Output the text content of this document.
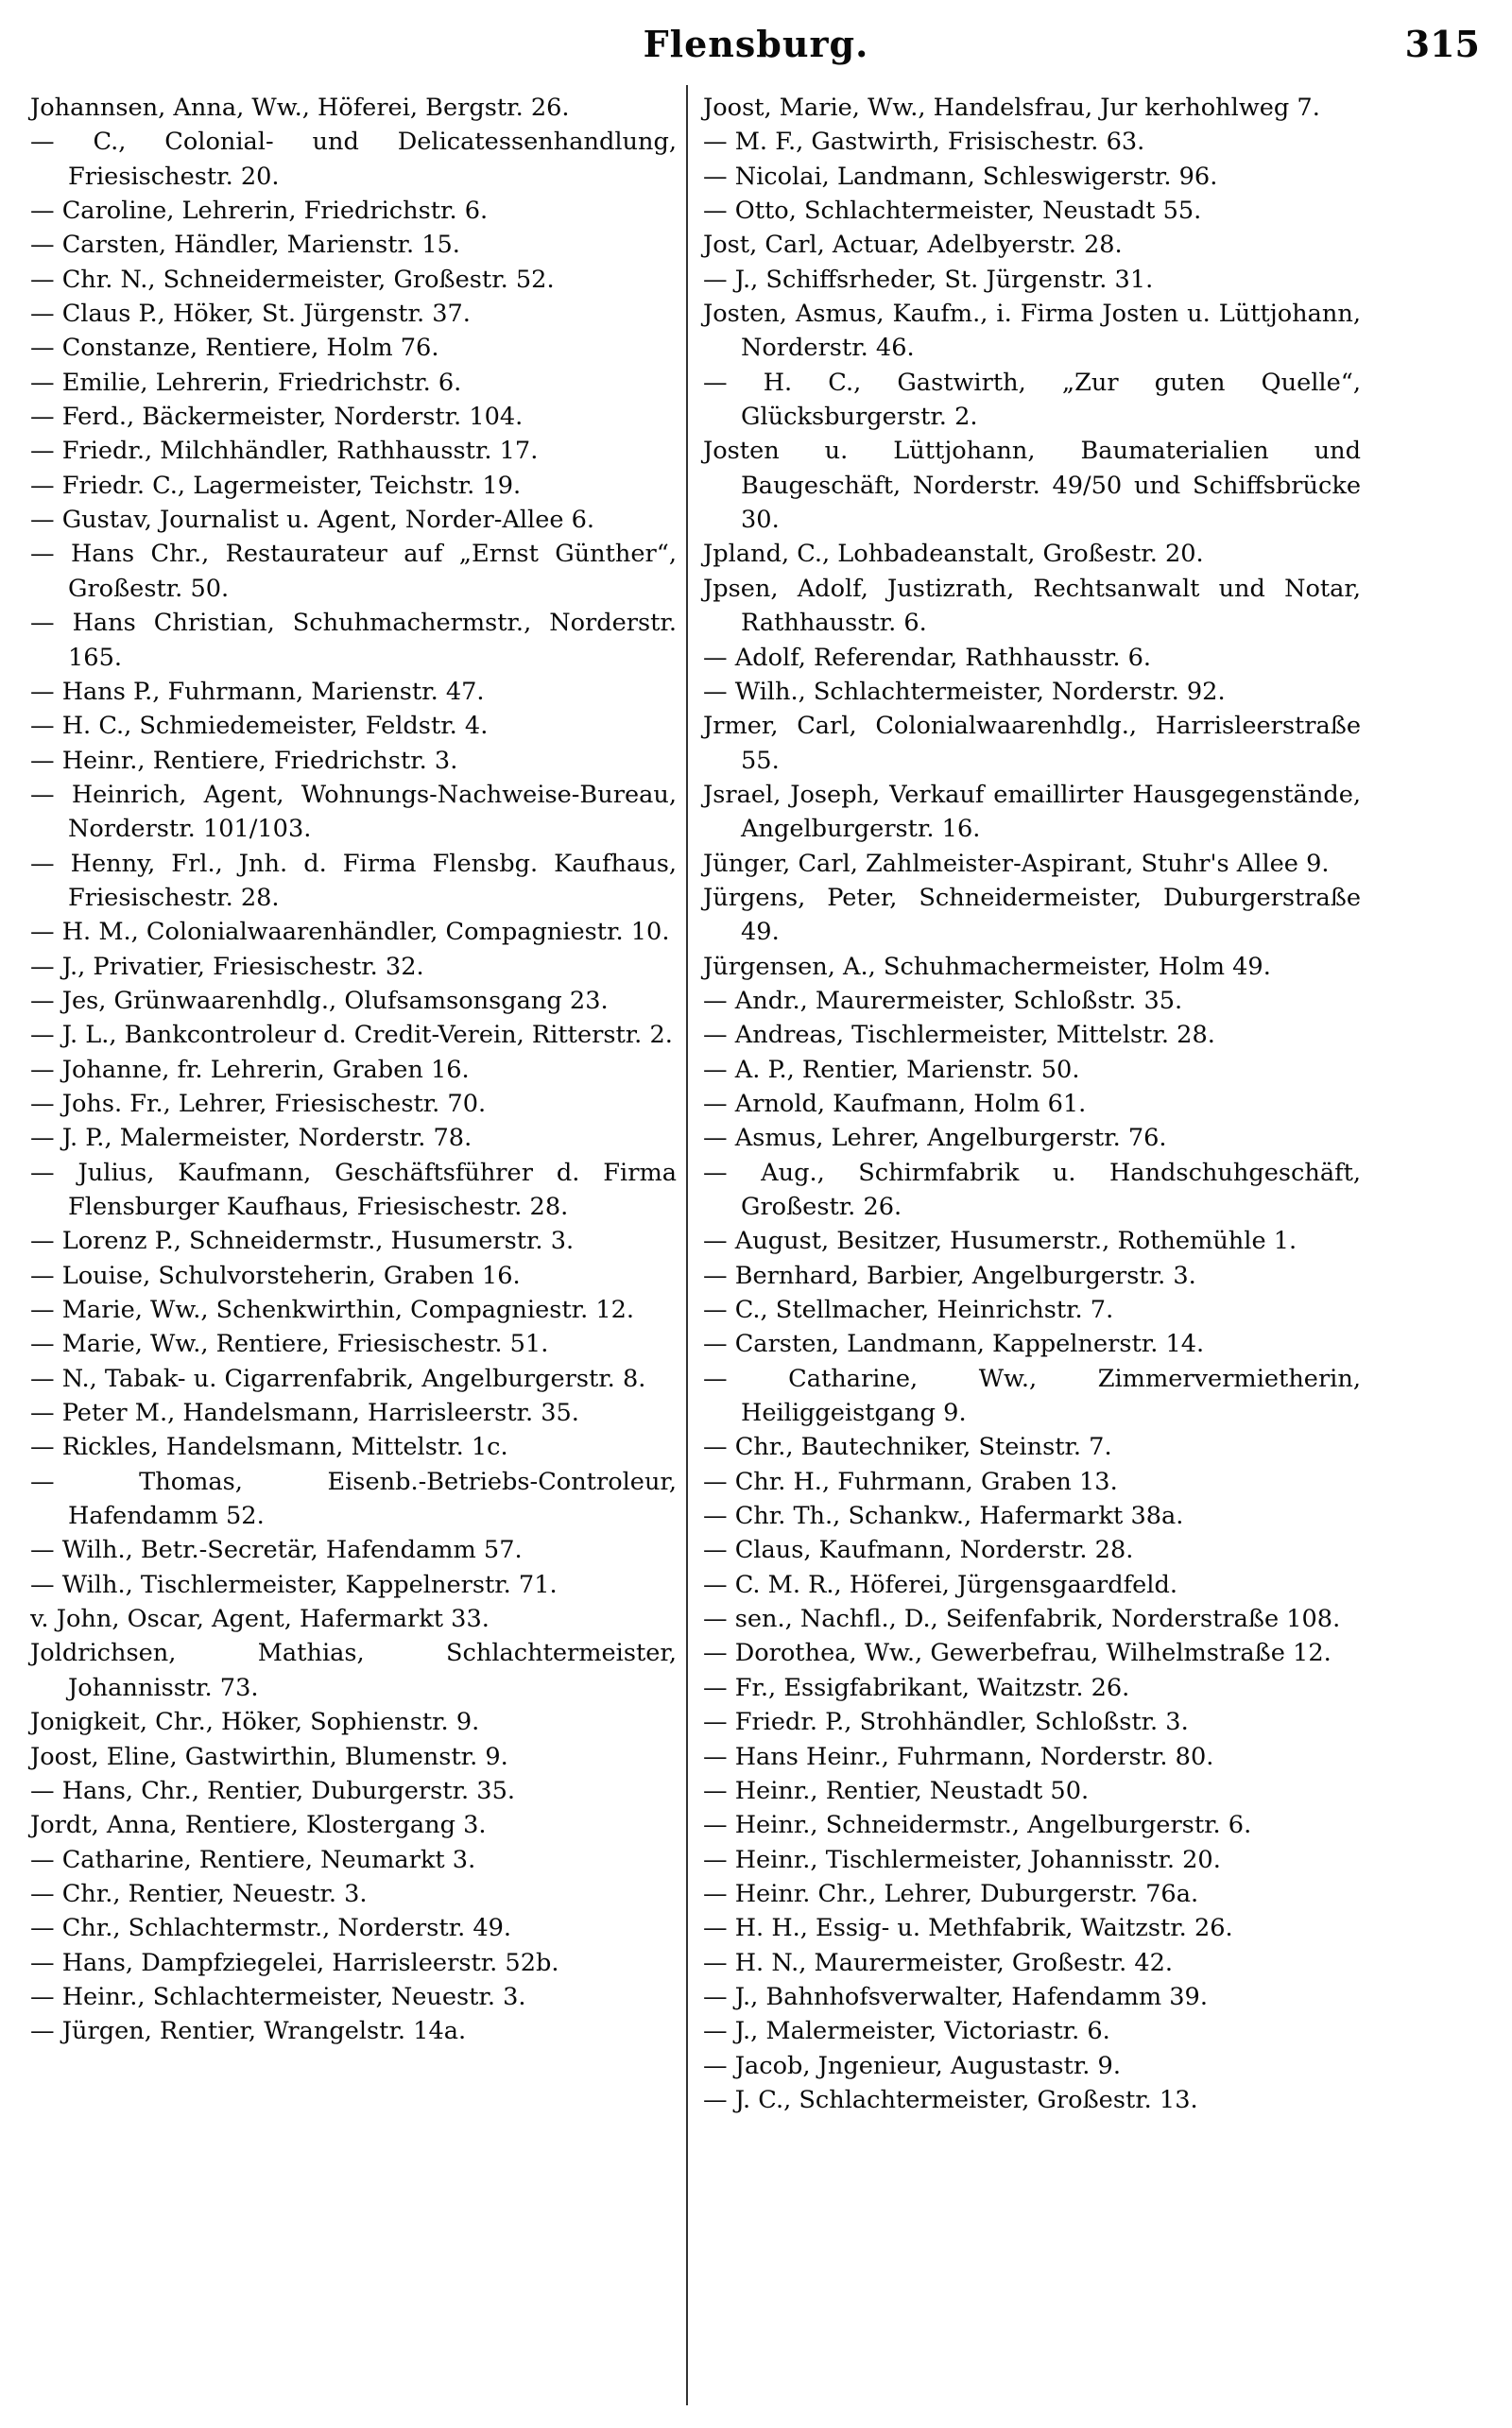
Flensburg.	315
Johannsen, Anna, Ww., Höferei, Bergstr. 26.
— C., Colonial- und Delicatessenhandlung, Friesischestr. 20.
— Caroline, Lehrerin, Friedrichstr. 6.
— Carsten, Händler, Marienstr. 15.
— Chr. N., Schneidermeister, Großestr. 52.
— Claus P., Höker, St. Jürgenstr. 37.
— Constanze, Rentiere, Holm 76.
— Emilie, Lehrerin, Friedrichstr. 6.
— Ferd., Bäckermeister, Norderstr. 104.
— Friedr., Milchhändler, Rathhausstr. 17.
— Friedr. C., Lagermeister, Teichstr. 19.
— Gustav, Journalist u. Agent, Norder-Allee 6.
— Hans Chr., Restaurateur auf „Ernst Günther“, Großestr. 50.
— Hans Christian, Schuhmachermstr., Norderstr. 165.
— Hans P., Fuhrmann, Marienstr. 47.
— H. C., Schmiedemeister, Feldstr. 4.
— Heinr., Rentiere, Friedrichstr. 3.
— Heinrich, Agent, Wohnungs-Nachweise-Bureau, Norderstr. 101/103.
— Henny, Frl., Jnh. d. Firma Flensbg. Kaufhaus, Friesischestr. 28.
— H. M., Colonialwaarenhändler, Compagniestr. 10.
— J., Privatier, Friesischestr. 32.
— Jes, Grünwaarenhdlg., Olufsamsonsgang 23.
— J. L., Bankcontroleur d. Credit-Verein, Ritterstr. 2.
— Johanne, fr. Lehrerin, Graben 16.
— Johs. Fr., Lehrer, Friesischestr. 70.
— J. P., Malermeister, Norderstr. 78.
— Julius, Kaufmann, Geschäftsführer d. Firma Flensburger Kaufhaus, Friesischestr. 28.
— Lorenz P., Schneidermstr., Husumerstr. 3.
— Louise, Schulvorsteherin, Graben 16.
— Marie, Ww., Schenkwirthin, Compagniestr. 12.
— Marie, Ww., Rentiere, Friesischestr. 51.
— N., Tabak- u. Cigarrenfabrik, Angelburgerstr. 8.
— Peter M., Handelsmann, Harrisleerstr. 35.
— Rickles, Handelsmann, Mittelstr. 1c.
— Thomas, Eisenb.-Betriebs-Controleur, Hafendamm 52.
— Wilh., Betr.-Secretär, Hafendamm 57.
— Wilh., Tischlermeister, Kappelnerstr. 71.
v. John, Oscar, Agent, Hafermarkt 33.
Joldrichsen, Mathias, Schlachtermeister, Johannisstr. 73.
Jonigkeit, Chr., Höker, Sophienstr. 9.
Joost, Eline, Gastwirthin, Blumenstr. 9.
— Hans, Chr., Rentier, Duburgerstr. 35.
Jordt, Anna, Rentiere, Klostergang 3.
— Catharine, Rentiere, Neumarkt 3.
— Chr., Rentier, Neuestr. 3.
— Chr., Schlachtermstr., Norderstr. 49.
— Hans, Dampfziegelei, Harrisleerstr. 52b.
— Heinr., Schlachtermeister, Neuestr. 3.
— Jürgen, Rentier, Wrangelstr. 14a.
Joost, Marie, Ww., Handelsfrau, Jur kerhohlweg 7.
— M. F., Gastwirth, Frisischestr. 63.
— Nicolai, Landmann, Schleswigerstr. 96.
— Otto, Schlachtermeister, Neustadt 55.
Jost, Carl, Actuar, Adelbyerstr. 28.
— J., Schiffsrheder, St. Jürgenstr. 31.
Josten, Asmus, Kaufm., i. Firma Josten u. Lüttjohann, Norderstr. 46.
— H. C., Gastwirth, „Zur guten Quelle“, Glücksburgerstr. 2.
Josten u. Lüttjohann, Baumaterialien und Baugeschäft, Norderstr. 49/50 und Schiffsbrücke 30.
Jpland, C., Lohbadeanstalt, Großestr. 20.
Jpsen, Adolf, Justizrath, Rechtsanwalt und Notar, Rathhausstr. 6.
— Adolf, Referendar, Rathhausstr. 6.
— Wilh., Schlachtermeister, Norderstr. 92.
Jrmer, Carl, Colonialwaarenhdlg., Harrisleerstraße 55.
Jsrael, Joseph, Verkauf emaillirter Hausgegenstände, Angelburgerstr. 16.
Jünger, Carl, Zahlmeister-Aspirant, Stuhr's Allee 9.
Jürgens, Peter, Schneidermeister, Duburgerstraße 49.
Jürgensen, A., Schuhmachermeister, Holm 49.
— Andr., Maurermeister, Schloßstr. 35.
— Andreas, Tischlermeister, Mittelstr. 28.
— A. P., Rentier, Marienstr. 50.
— Arnold, Kaufmann, Holm 61.
— Asmus, Lehrer, Angelburgerstr. 76.
— Aug., Schirmfabrik u. Handschuhgeschäft, Großestr. 26.
— August, Besitzer, Husumerstr., Rothemühle 1.
— Bernhard, Barbier, Angelburgerstr. 3.
— C., Stellmacher, Heinrichstr. 7.
— Carsten, Landmann, Kappelnerstr. 14.
— Catharine, Ww., Zimmervermietherin, Heiliggeistgang 9.
— Chr., Bautechniker, Steinstr. 7.
— Chr. H., Fuhrmann, Graben 13.
— Chr. Th., Schankw., Hafermarkt 38a.
— Claus, Kaufmann, Norderstr. 28.
— C. M. R., Höferei, Jürgensgaardfeld.
— sen., Nachfl., D., Seifenfabrik, Norderstraße 108.
— Dorothea, Ww., Gewerbefrau, Wilhelmstraße 12.
— Fr., Essigfabrikant, Waitzstr. 26.
— Friedr. P., Strohhändler, Schloßstr. 3.
— Hans Heinr., Fuhrmann, Norderstr. 80.
— Heinr., Rentier, Neustadt 50.
— Heinr., Schneidermstr., Angelburgerstr. 6.
— Heinr., Tischlermeister, Johannisstr. 20.
— Heinr. Chr., Lehrer, Duburgerstr. 76a.
— H. H., Essig- u. Methfabrik, Waitzstr. 26.
— H. N., Maurermeister, Großestr. 42.
— J., Bahnhofsverwalter, Hafendamm 39.
— J., Malermeister, Victoriastr. 6.
— Jacob, Jngenieur, Augustastr. 9.
— J. C., Schlachtermeister, Großestr. 13.
